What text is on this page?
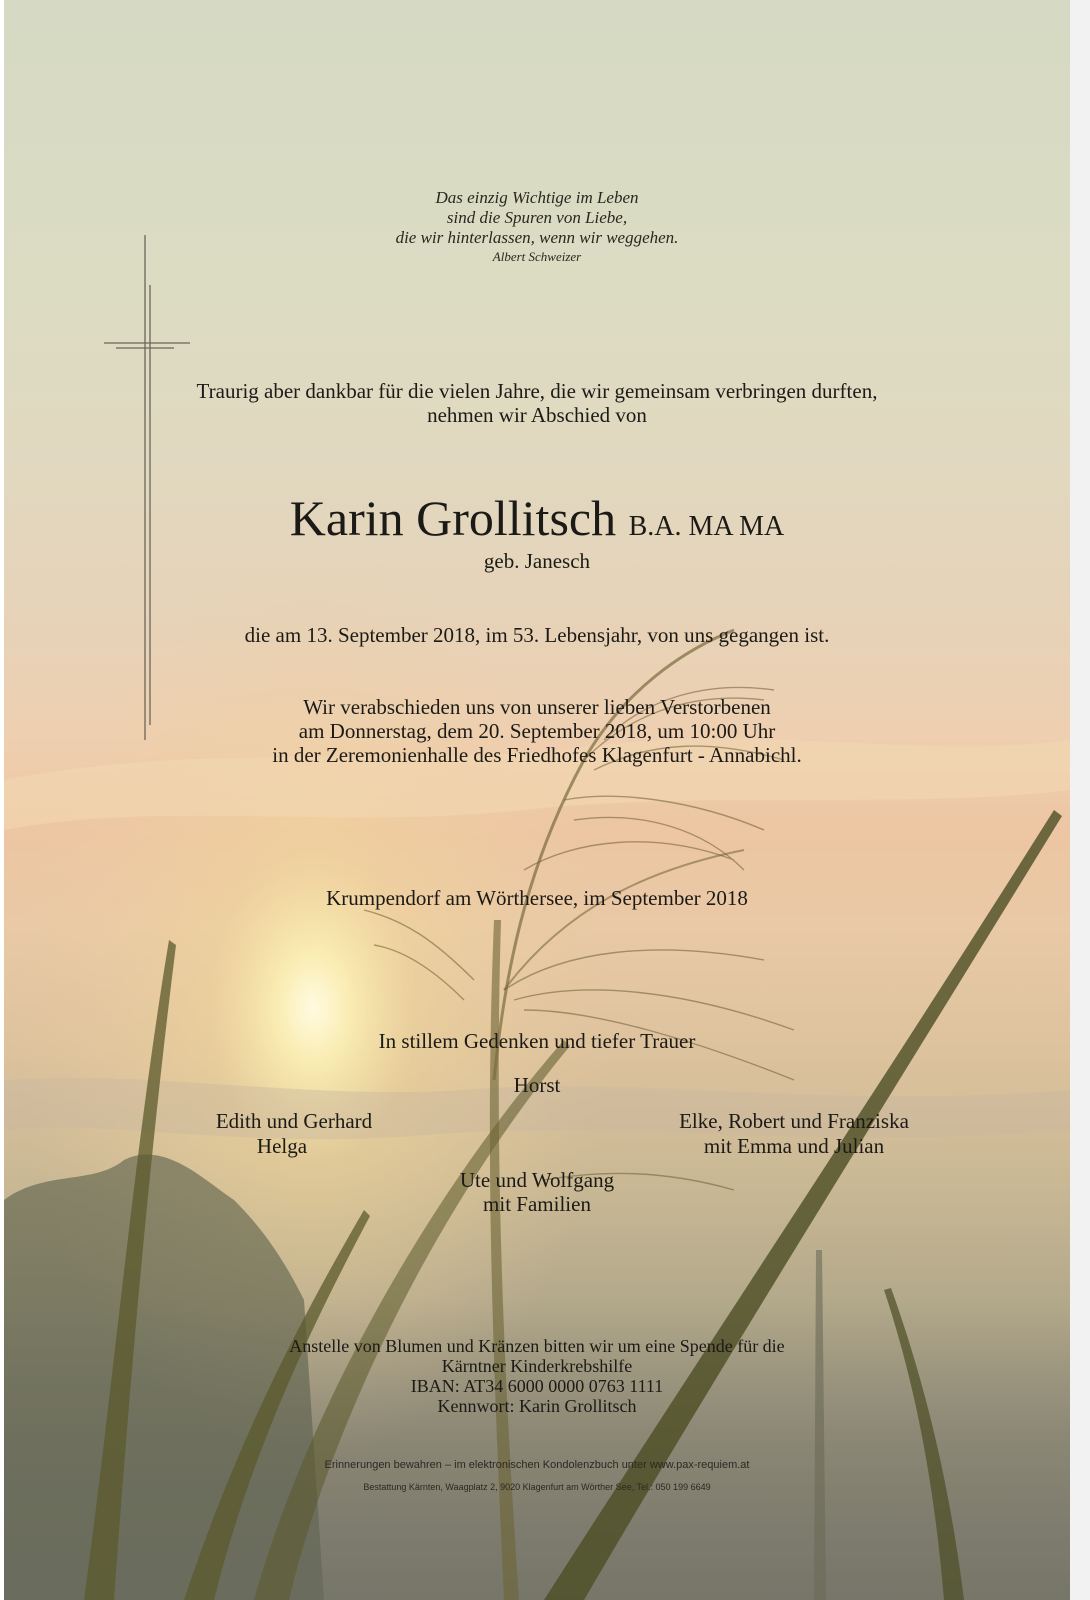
Das einzig Wichtige im Leben
sind die Spuren von Liebe,
die wir hinterlassen, wenn wir weggehen.
Albert Schweizer
Traurig aber dankbar für die vielen Jahre, die wir gemeinsam verbringen durften,
nehmen wir Abschied von
Karin Grollitsch B.A. MA MA
geb. Janesch
die am 13. September 2018, im 53. Lebensjahr, von uns gegangen ist.
Wir verabschieden uns von unserer lieben Verstorbenen
am Donnerstag, dem 20. September 2018, um 10:00 Uhr
in der Zeremonienhalle des Friedhofes Klagenfurt - Annabichl.
Krumpendorf am Wörthersee, im September 2018
In stillem Gedenken und tiefer Trauer
Horst
Edith und Gerhard
Helga
Elke, Robert und Franziska
mit Emma und Julian
Ute und Wolfgang
mit Familien
Anstelle von Blumen und Kränzen bitten wir um eine Spende für die
Kärntner Kinderkrebshilfe
IBAN: AT34 6000 0000 0763 1111
Kennwort: Karin Grollitsch
Erinnerungen bewahren – im elektronischen Kondolenzbuch unter www.pax-requiem.at
Bestattung Kärnten, Waagplatz 2, 9020 Klagenfurt am Wörther See, Tel.: 050 199 6649
